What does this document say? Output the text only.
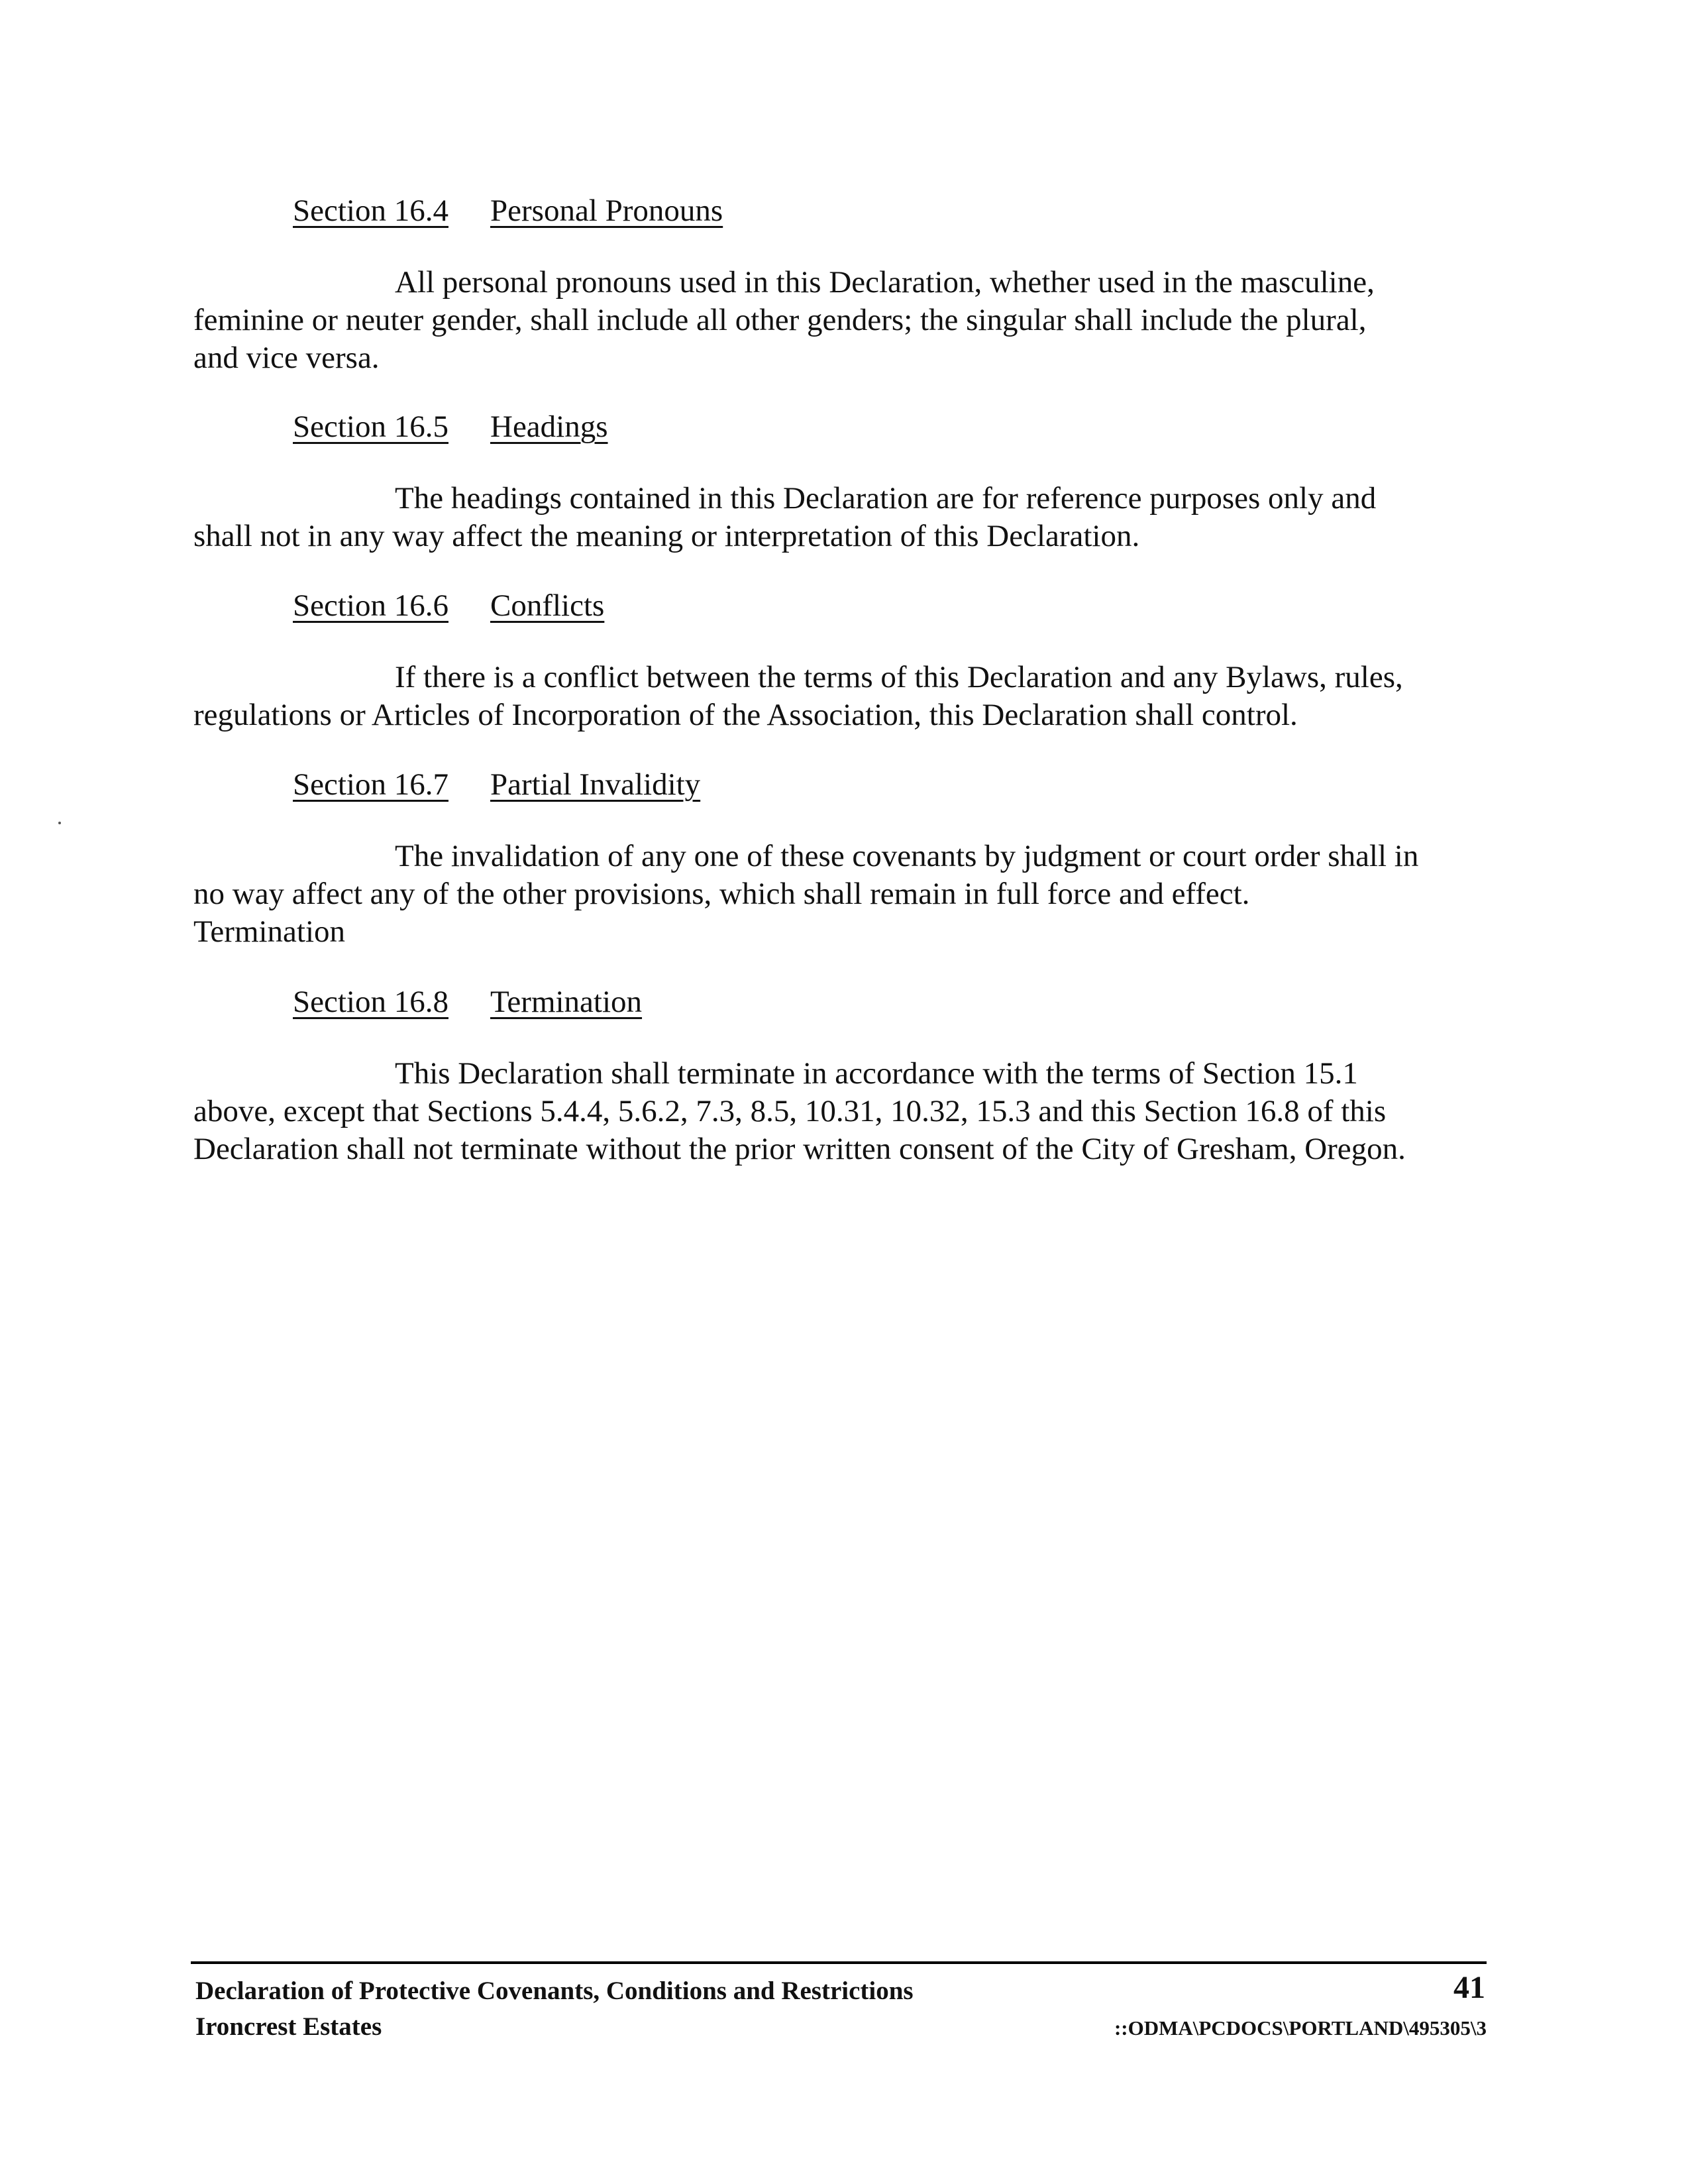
Section 16.4 Personal Pronouns
All personal pronouns used in this Declaration, whether used in the masculine,
feminine or neuter gender, shall include all other genders; the singular shall include the plural,
and vice versa.
Section 16.5 Headings
The headings contained in this Declaration are for reference purposes only and
shall not in any way affect the meaning or interpretation of this Declaration.
Section 16.6 Conflicts
If there is a conflict between the terms of this Declaration and any Bylaws, rules,
regulations or Articles of Incorporation of the Association, this Declaration shall control.
Section 16.7 Partial Invalidity
The invalidation of any one of these covenants by judgment or court order shall in
no way affect any of the other provisions, which shall remain in full force and effect.
Termination
Section 16.8 Termination
This Declaration shall terminate in accordance with the terms of Section 15.1
above, except that Sections 5.4.4, 5.6.2, 7.3, 8.5, 10.31, 10.32, 15.3 and this Section 16.8 of this
Declaration shall not terminate without the prior written consent of the City of Gresham, Oregon.
Declaration of Protective Covenants, Conditions and Restrictions
Ironcrest Estates
41
::ODMA\PCDOCS\PORTLAND\495305\3
